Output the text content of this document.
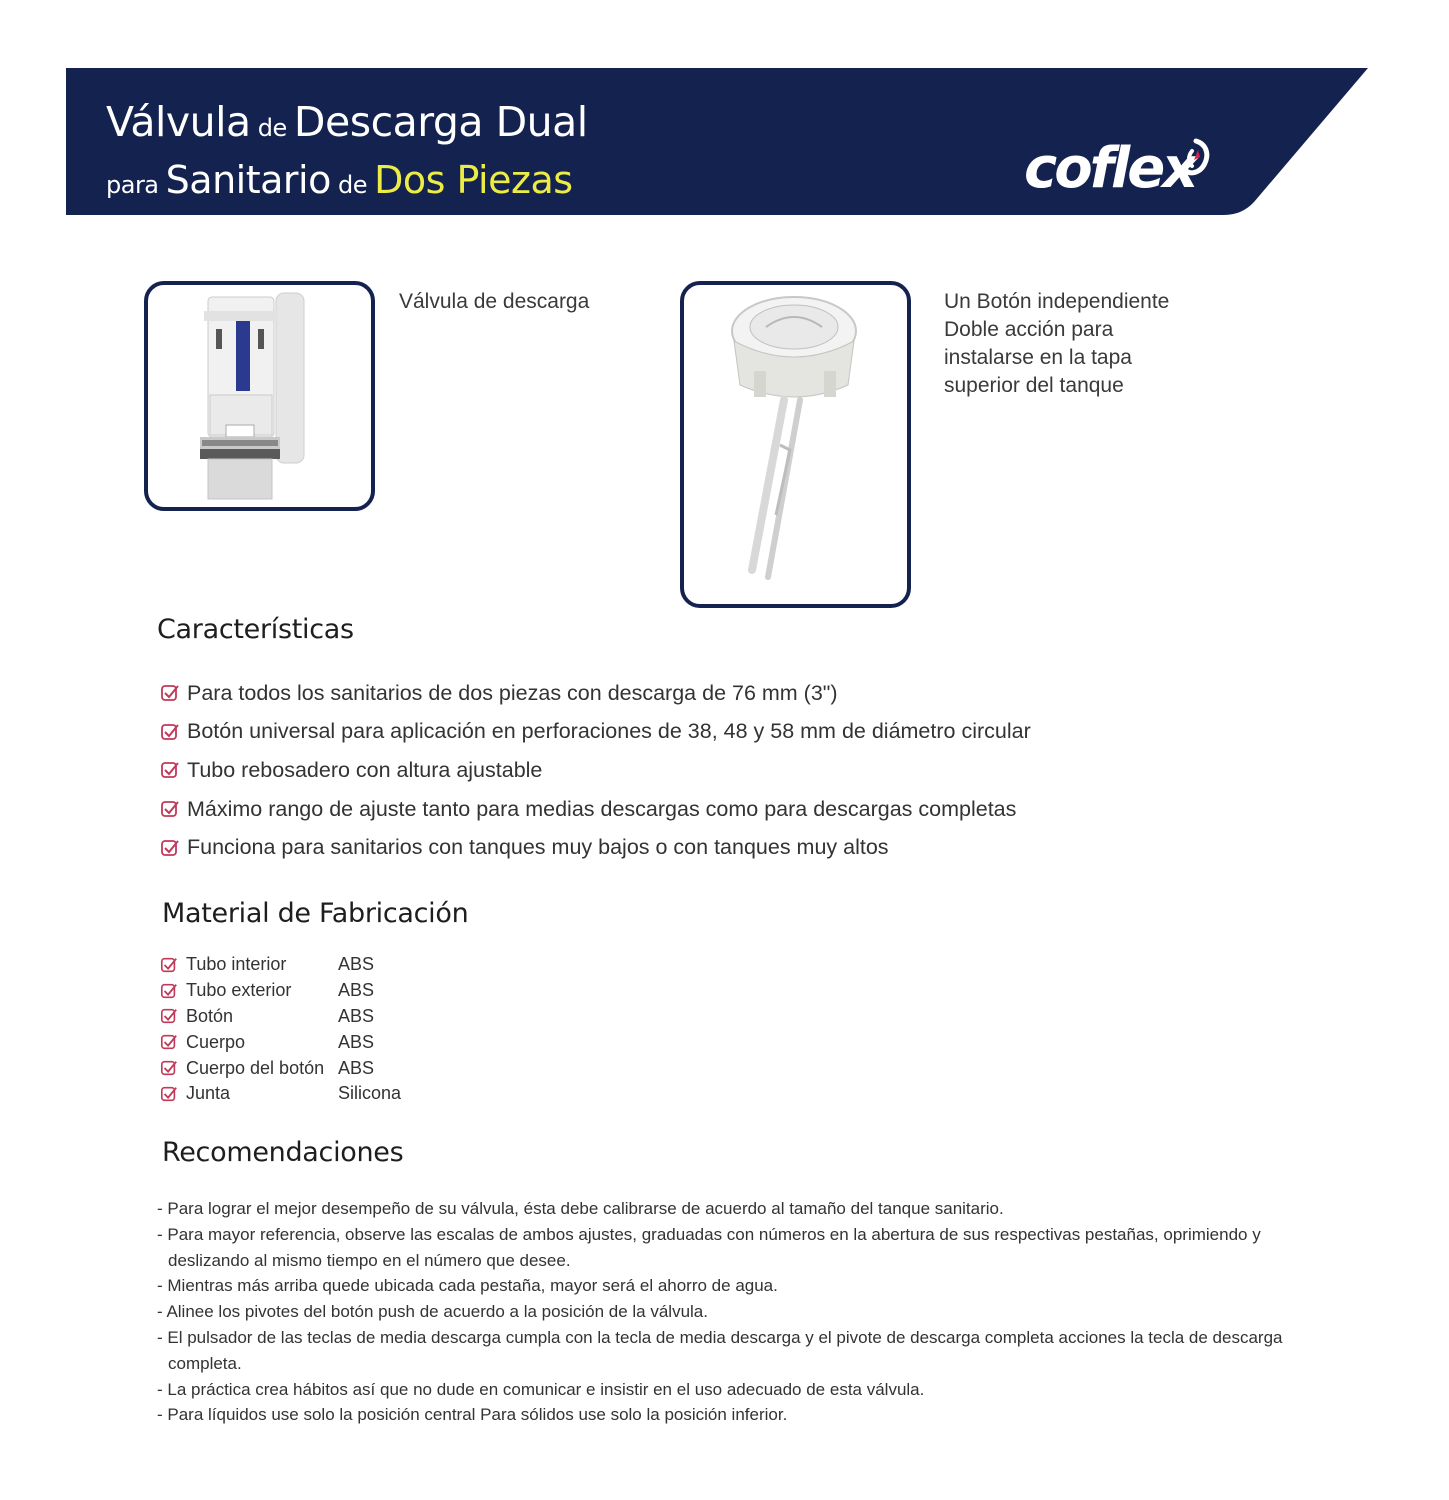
Válvula de Descarga Dual
para Sanitario de Dos Piezas	coflex
Válvula de descarga	Un Botón independiente
Doble acción para
instalarse en la tapa
superior del tanque
Características
Para todos los sanitarios de dos piezas con descarga de 76 mm (3")
Botón universal para aplicación en perforaciones de 38, 48 y 58 mm de diámetro circular
Tubo rebosadero con altura ajustable
Máximo rango de ajuste tanto para medias descargas como para descargas completas
Funciona para sanitarios con tanques muy bajos o con tanques muy altos
Material de Fabricación
Tubo interior	ABS
Tubo exterior	ABS
Botón	ABS
Cuerpo	ABS
Cuerpo del botón ABS
Junta	Silicona
Recomendaciones
- Para lograr el mejor desempeño de su válvula, ésta debe calibrarse de acuerdo al tamaño del tanque sanitario.
- Para mayor referencia, observe las escalas de ambos ajustes, graduadas con números en la abertura de sus respectivas pestañas, oprimiendo y deslizando al mismo tiempo en el número que desee.
- Mientras más arriba quede ubicada cada pestaña, mayor será el ahorro de agua.
- Alinee los pivotes del botón push de acuerdo a la posición de la válvula.
- El pulsador de las teclas de media descarga cumpla con la tecla de media descarga y el pivote de descarga completa acciones la tecla de descarga completa.
- La práctica crea hábitos así que no dude en comunicar e insistir en el uso adecuado de esta válvula.
- Para líquidos use solo la posición central Para sólidos use solo la posición inferior.
